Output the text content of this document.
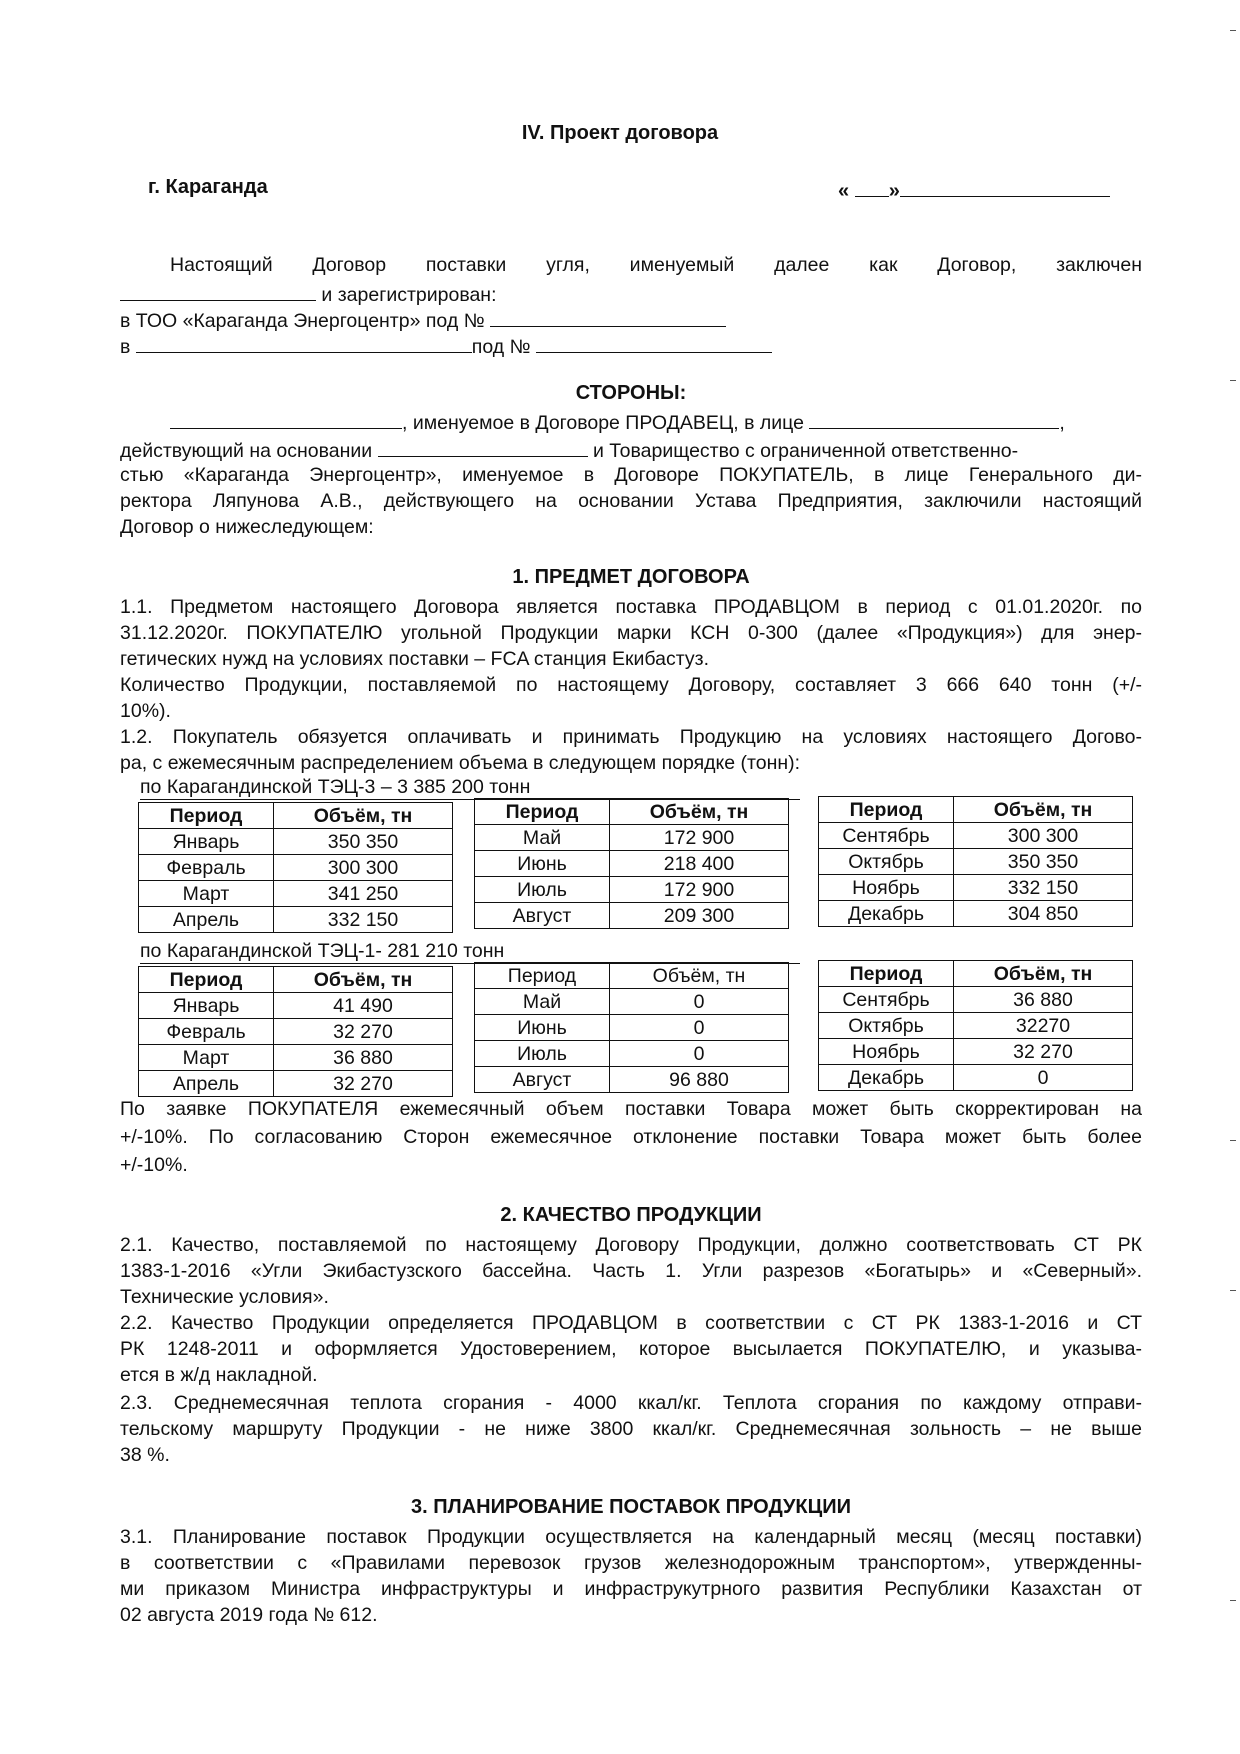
IV. Проект договора
г. Караганда	« »
Настоящий Договор поставки угля, именуемый далее как Договор, заключен
и зарегистрирован:
в ТОО «Караганда Энергоцентр» под №
в	под №
СТОРОНЫ:
, именуемое в Договоре ПРОДАВЕЦ, в лице	,
действующий на основании	и Товарищество с ограниченной ответственно-
стью «Караганда Энергоцентр», именуемое в Договоре ПОКУПАТЕЛЬ, в лице Генерального ди-
ректора Ляпунова А.В., действующего на основании Устава Предприятия, заключили настоящий
Договор о нижеследующем:
1. ПРЕДМЕТ ДОГОВОРА
1.1. Предметом настоящего Договора является поставка ПРОДАВЦОМ в период с 01.01.2020г. по
31.12.2020г. ПОКУПАТЕЛЮ угольной Продукции марки КСН 0-300 (далее «Продукция») для энер-
гетических нужд на условиях поставки – FCA станция Екибастуз.
Количество Продукции, поставляемой по настоящему Договору, составляет 3 666 640 тонн (+/-
10%).
1.2. Покупатель обязуется оплачивать и принимать Продукцию на условиях настоящего Догово-
ра, с ежемесячным распределением объема в следующем порядке (тонн):
по Карагандинской ТЭЦ-3 – 3 385 200 тонн
Период	Объём, тн
Январь	350 350
Февраль	300 300
Март	341 250
Апрель	332 150
Период	Объём, тн
Май	172 900
Июнь	218 400
Июль	172 900
Август	209 300
Период	Объём, тн
Сентябрь	300 300
Октябрь	350 350
Ноябрь	332 150
Декабрь	304 850
по Карагандинской ТЭЦ-1- 281 210 тонн
Период	Объём, тн
Январь	41 490
Февраль	32 270
Март	36 880
Апрель	32 270
Период	Объём, тн
Май	0
Июнь	0
Июль	0
Август	96 880
Период	Объём, тн
Сентябрь	36 880
Октябрь	32270
Ноябрь	32 270
Декабрь	0
По заявке ПОКУПАТЕЛЯ ежемесячный объем поставки Товара может быть скорректирован на
+/-10%. По согласованию Сторон ежемесячное отклонение поставки Товара может быть более
+/-10%.
2. КАЧЕСТВО ПРОДУКЦИИ
2.1. Качество, поставляемой по настоящему Договору Продукции, должно соответствовать СТ РК
1383-1-2016 «Угли Экибастузского бассейна. Часть 1. Угли разрезов «Богатырь» и «Северный».
Технические условия».
2.2. Качество Продукции определяется ПРОДАВЦОМ в соответствии с СТ РК 1383-1-2016 и СТ
РК 1248-2011 и оформляется Удостоверением, которое высылается ПОКУПАТЕЛЮ, и указыва-
ется в ж/д накладной.
2.3. Среднемесячная теплота сгорания - 4000 ккал/кг. Теплота сгорания по каждому отправи-
тельскому маршруту Продукции - не ниже 3800 ккал/кг. Среднемесячная зольность – не выше
38 %.
3. ПЛАНИРОВАНИЕ ПОСТАВОК ПРОДУКЦИИ
3.1. Планирование поставок Продукции осуществляется на календарный месяц (месяц поставки)
в соответствии с «Правилами перевозок грузов железнодорожным транспортом», утвержденны-
ми приказом Министра инфраструктуры и инфраструкутрного развития Республики Казахстан от
02 августа 2019 года № 612.
